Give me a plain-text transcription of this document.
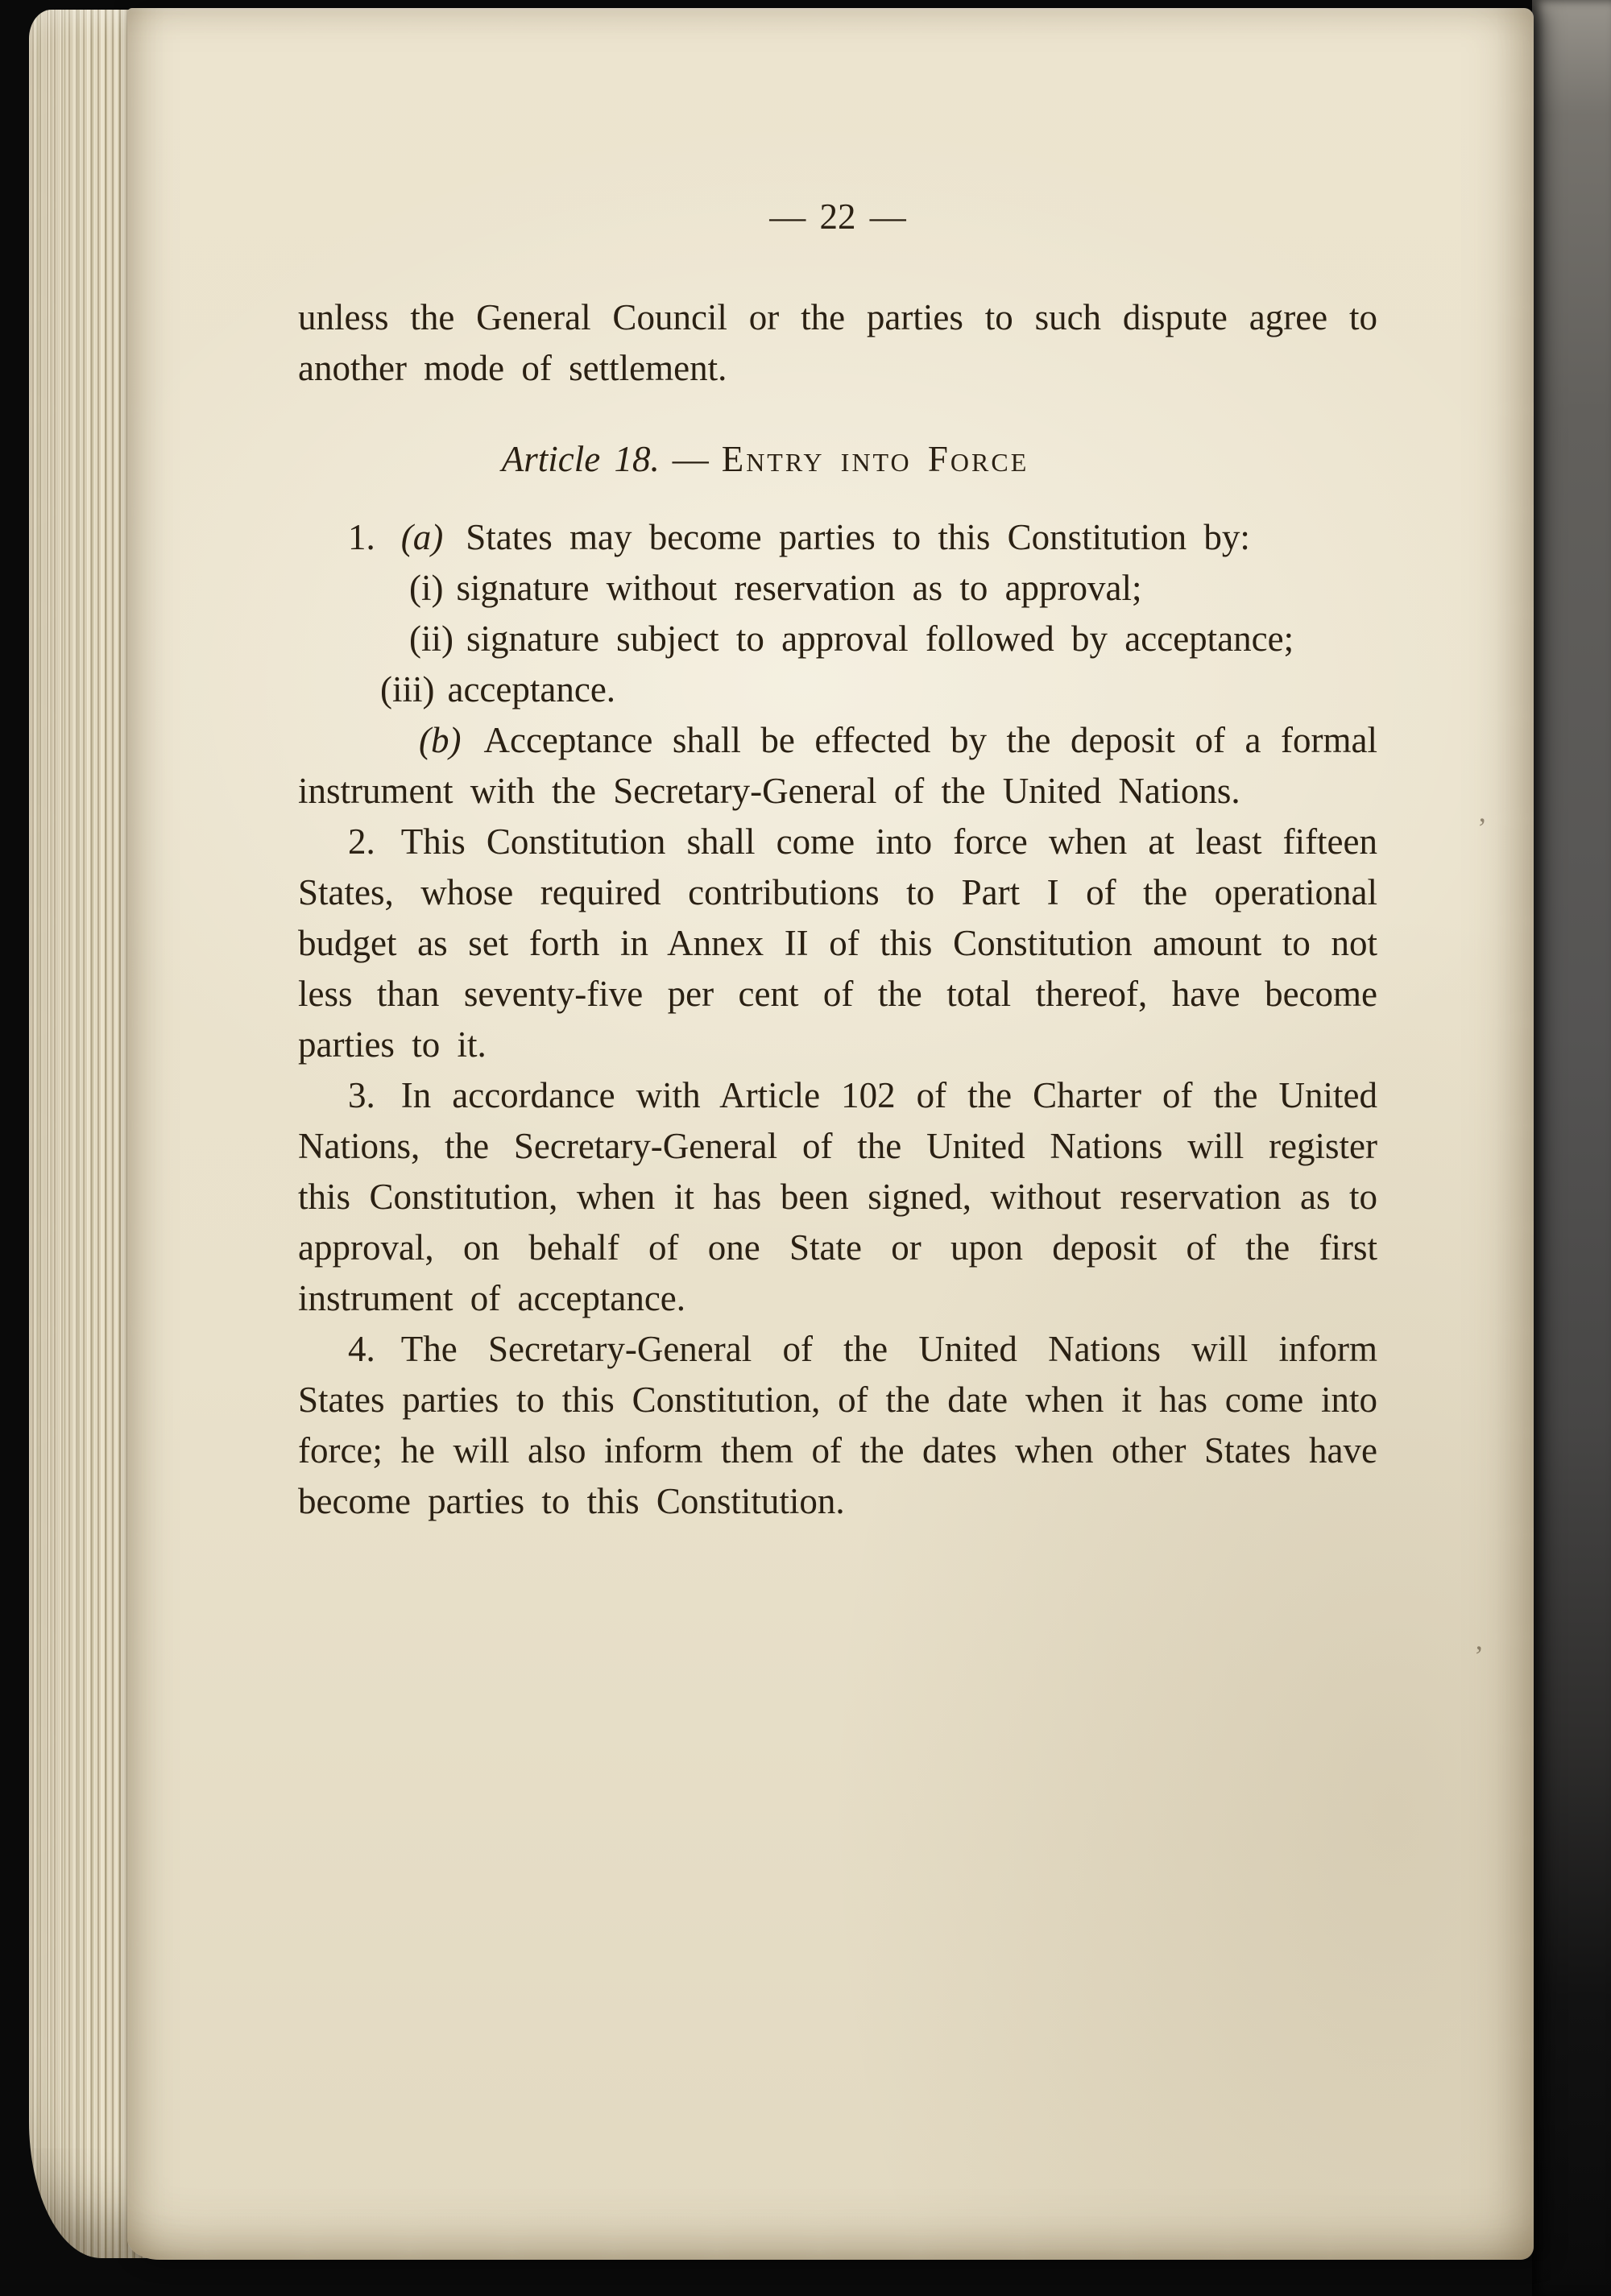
’
’
— 22 —

unless the General Council or the parties to such dispute agree to another mode of settlement.

Article 18. — Entry into Force

1. (a) States may become parties to this Constitution by:

(i) signature without reservation as to approval;

(ii) signature subject to approval followed by acceptance;

(iii) acceptance.

(b) Acceptance shall be effected by the deposit of a formal instrument with the Secretary-General of the United Nations.

2. This Constitution shall come into force when at least fifteen States, whose required contributions to Part I of the operational budget as set forth in Annex II of this Constitution amount to not less than seventy-five per cent of the total thereof, have become parties to it.

3. In accordance with Article 102 of the Charter of the United Nations, the Secretary-General of the United Nations will register this Constitution, when it has been signed, without reservation as to approval, on behalf of one State or upon deposit of the first instrument of acceptance.

4. The Secretary-General of the United Nations will inform States parties to this Constitution, of the date when it has come into force; he will also inform them of the dates when other States have become parties to this Constitution.
